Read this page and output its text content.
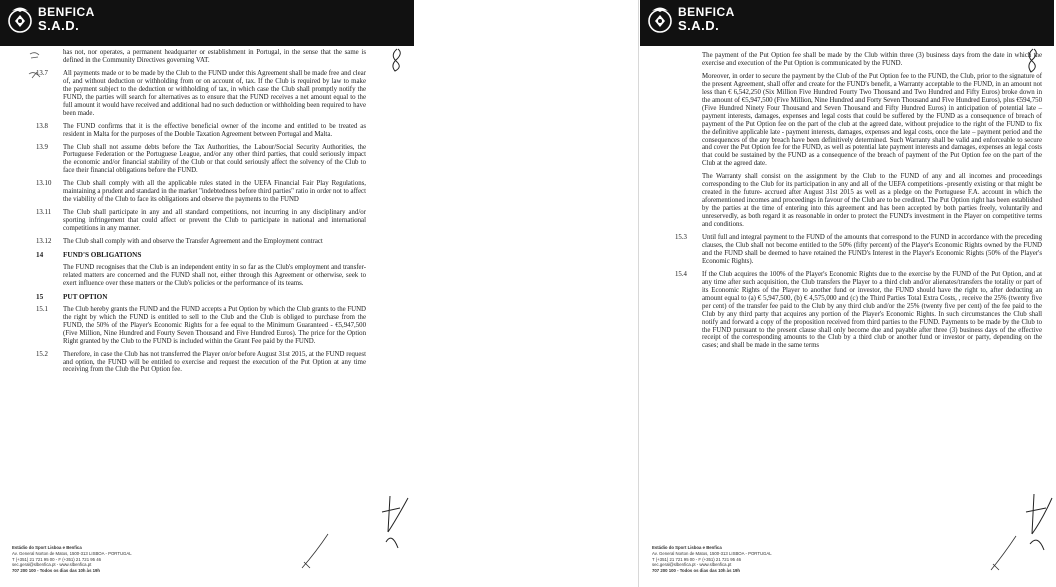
BENFICA
S.A.D.
has not, nor operates, a permanent headquarter or establishment in Portugal, in the sense that the same is defined in the Community Directives governing VAT.
13.7	All payments made or to be made by the Club to the FUND under this Agreement shall be made free and clear of, and without deduction or withholding from or on account of, tax. If the Club is required by law to make the payment subject to the deduction or withholding of tax, in which case the Club shall promptly notify the FUND, the parties will search for alternatives as to ensure that the FUND receives a net amount equal to the full amount it would have received and additional had no such deduction or withholding been required to have been made.
13.8	The FUND confirms that it is the effective beneficial owner of the income and entitled to be treated as resident in Malta for the purposes of the Double Taxation Agreement between Portugal and Malta.
13.9	The Club shall not assume debts before the Tax Authorities, the Labour/Social Security Authorities, the Portuguese Federation or the Portuguese League, and/or any other third parties, that could seriously impact the economic and/or financial stability of the Club or that could seriously affect the solvency of the Club to face their financial obligations before the FUND.
13.10	The Club shall comply with all the applicable rules stated in the UEFA Financial Fair Play Regulations, maintaining a prudent and standard in the market "indebtedness before third parties" ratio in order not to affect the viability of the Club to face its obligations and observe the payments to the FUND
13.11	The Club shall participate in any and all standard competitions, not incurring in any disciplinary and/or sporting infringement that could affect or prevent the Club to participate in national and international competitions in any manner.
13.12	The Club shall comply with and observe the Transfer Agreement and the Employment contract
14	FUND'S OBLIGATIONS
The FUND recognises that the Club is an independent entity in so far as the Club's employment and transfer-related matters are concerned and the FUND shall not, either through this Agreement or otherwise, seek to exert influence over these matters or the Club's policies or the performance of its teams.
15	PUT OPTION
15.1	The Club hereby grants the FUND and the FUND accepts a Put Option by which the Club grants to the FUND the right by which the FUND is entitled to sell to the Club and the Club is obliged to purchase from the FUND, the 50% of the Player's Economic Rights for a fee equal to the Minimum Guaranteed - €5,947,500 (Five Million, Nine Hundred and Fourty Seven Thousand and Five Hundred Euros). The price for the Option Right granted by the Club to the FUND is included within the Grant Fee paid by the FUND.
15.2	Therefore, in case the Club has not transferred the Player on/or before August 31st 2015, at the FUND request and option, the FUND will be entitled to exercise and request the execution of the Put Option at any time receiving from the Club the Put Option fee.
Estádio do Sport Lisboa e Benfica
Av. General Norton de Matos, 1500-313 LISBOA - PORTUGAL
T (+351) 21 721 95 00 - F (+351) 21 721 95 46
sec.geral@slbenfica.pt - www.slbenfica.pt
707 200 100 - Todos os dias das 10h às 19h
BENFICA
S.A.D.
The payment of the Put Option fee shall be made by the Club within three (3) business days from the date in which the exercise and execution of the Put Option is communicated by the FUND.
Moreover, in order to secure the payment by the Club of the Put Option fee to the FUND, the Club, prior to the signature of the present Agreement, shall offer and create for the FUND's benefit, a Warranty acceptable to the FUND, in an amount not less than € 6,542,250 (Six Million Five Hundred Fourty Two Thousand and Two Hundred and Fifty Euros) broke down in the amount of €5,947,500 (Five Million, Nine Hundred and Forty Seven Thousand and Five Hundred Euros), plus €594,750 (Five Hundred Ninety Four Thousand and Seven Thousand and Fifty Hundred Euros) in anticipation of potential late – payment interests, damages, expenses and legal costs that could be suffered by the FUND as a consequence of breach of payment of the Put Option fee on the part of the club at the agreed date, without prejudice to the right of the FUND to fix the definitive applicable late - payment interests, damages, expenses and legal costs, once the late – payment period and the consequences of the any breach have been definitively determined. Such Warranty shall be valid and enforceable to secure and cover the Put Option fee for the FUND, as well as potential late payment interests and damages, expenses an legal costs that could be sustained by the FUND as a consequence of the breach of payment of the Put Option fee on the part of the Club at the agreed date.
The Warranty shall consist on the assignment by the Club to the FUND of any and all incomes and proceedings corresponding to the Club for its participation in any and all of the UEFA competitions -presently existing or that might be created in the future- accrued after August 31st 2015 as well as a pledge on the Portuguese F.A. account in which the aforementioned incomes and proceedings in favour of the Club are to be credited. The Put Option right has been established by the parties at the time of entering into this agreement and has been accepted by both parties freely, voluntarily and unreservedly, as both regard it as reasonable in order to protect the FUND's investment in the Player on competitive terms and conditions.
15.3	Until full and integral payment to the FUND of the amounts that correspond to the FUND in accordance with the preceding clauses, the Club shall not become entitled to the 50% (fifty percent) of the Player's Economic Rights owned by the FUND and the FUND shall be deemed to have retained the FUND's Interest in the Player's Economic Rights (50% of the Player's Economic Rights).
15.4	If the Club acquires the 100% of the Player's Economic Rights due to the exercise by the FUND of the Put Option, and at any time after such acquisition, the Club transfers the Player to a third club and/or alienates/transfers the totality or part of its Economic Rights of the Player to another fund or investor, the FUND should have the right to, after deducting an amount equal to (a) € 5,947,500, (b) € 4,575,000 and (c) the Third Parties Total Extra Costs, , receive the 25% (twenty five per cent) of the transfer fee paid to the Club by any third club and/or the 25% (twenty five per cent) of the fee paid to the Club by any third party that acquires any portion of the Player's Economic Rights. In such circumstances the Club shall notify and forward a copy of the proposition received from third parties to the FUND. Payments to be made by the Club to the FUND pursuant to the present clause shall only become due and payable after three (3) business days of the effective receipt of the corresponding amounts to the Club by a third club or another fund or investor or party, depending on the cases; and shall be made in the same terms
Estádio do Sport Lisboa e Benfica
Av. General Norton de Matos, 1500-313 LISBOA - PORTUGAL
T (+351) 21 721 95 00 - F (+351) 21 721 95 46
sec.geral@slbenfica.pt - www.slbenfica.pt
707 200 100 - Todos os dias das 10h às 19h
